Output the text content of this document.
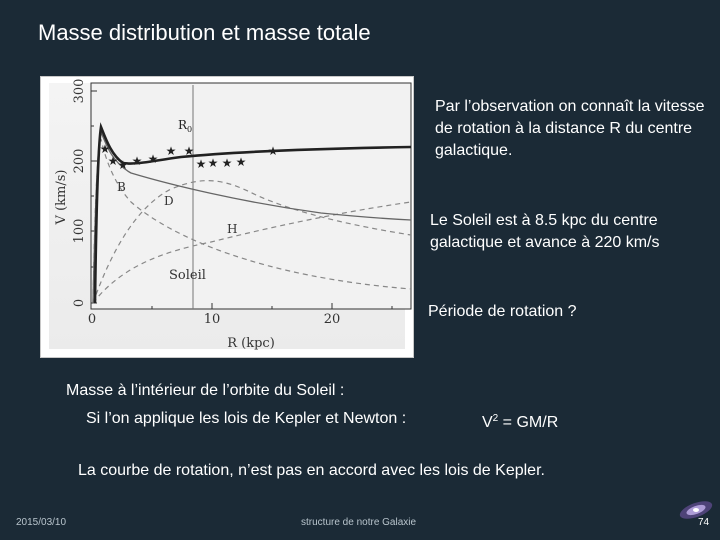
Masse distribution et masse totale
0
100
200
300
V (km/s)
0	10	20
R (kpc)
R 0
★
★ ★ ★ ★
★ ★
★ ★ ★ ★
★
B
D
H
Soleil
Par l’observation on connaît la vitesse de rotation à la distance R du centre galactique.
Le Soleil est à 8.5 kpc du centre galactique et avance à 220 km/s
Période de rotation ?
Masse à l’intérieur de l’orbite du Soleil :
Si l’on applique les lois de Kepler et Newton :	$V^2 = GM/R$
La courbe de rotation, n’est pas en accord avec les lois de Kepler.
2015/03/10	structure de notre Galaxie	74
